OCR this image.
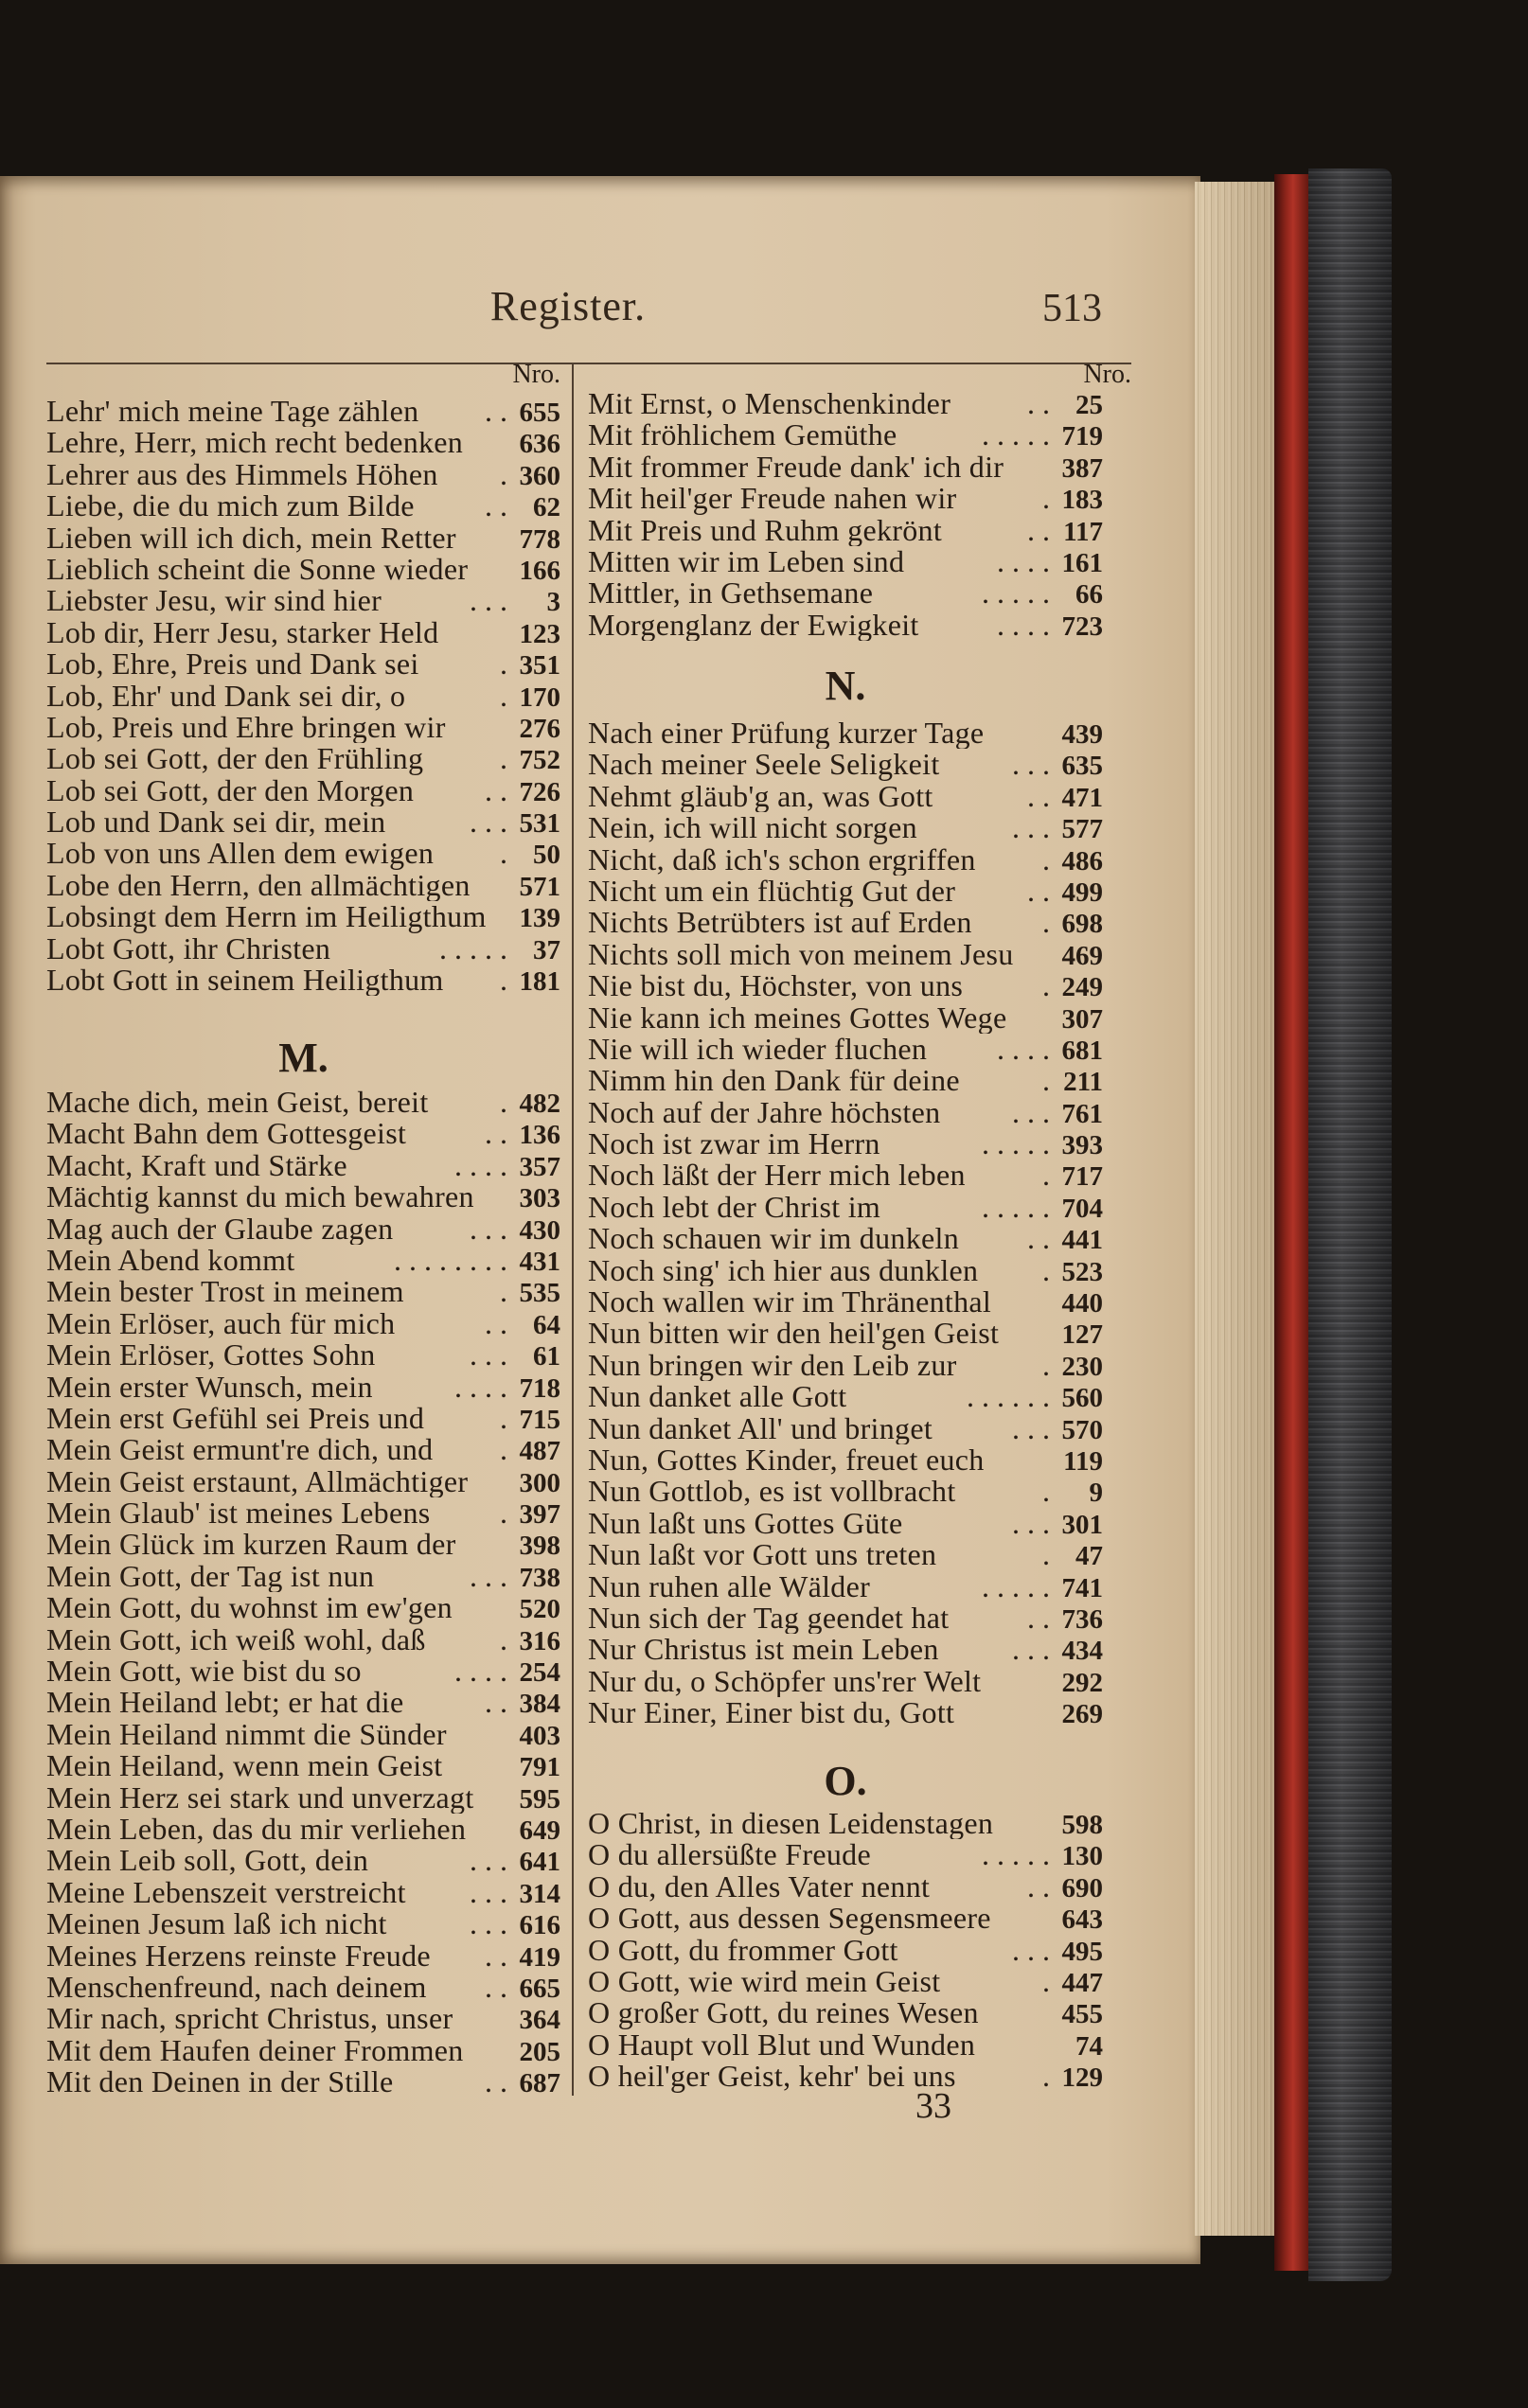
Register.	513
Nro.	Nro.
Lehr' mich meine Tage zählen	. . 655
Lehre, Herr, mich recht bedenken 636
Lehrer aus des Himmels Höhen	. 360
Liebe, die du mich zum Bilde	. . 62
Lieben will ich dich, mein Retter 778
Lieblich scheint die Sonne wieder 166
Liebster Jesu, wir sind hier	. . .	3
Lob dir, Herr Jesu, starker Held	123
Lob, Ehre, Preis und Dank sei	. 351
Lob, Ehr' und Dank sei dir, o	. 170
Lob, Preis und Ehre bringen wir	276
Lob sei Gott, der den Frühling	. 752
Lob sei Gott, der den Morgen	. . 726
Lob und Dank sei dir, mein	. . . 531
Lob von uns Allen dem ewigen	. 50
Lobe den Herrn, den allmächtigen 571
Lobsingt dem Herrn im Heiligthum 139
Lobt Gott, ihr Christen	. . . . . 37
Lobt Gott in seinem Heiligthum	. 181
M.
Mache dich, mein Geist, bereit	. 482
Macht Bahn dem Gottesgeist	. . 136
Macht, Kraft und Stärke	. . . . 357
Mächtig kannst du mich bewahren 303
Mag auch der Glaube zagen	. . . 430
Mein Abend kommt	. . . . . . . . 431
Mein bester Trost in meinem	. 535
Mein Erlöser, auch für mich	. . 64
Mein Erlöser, Gottes Sohn	. . . 61
Mein erster Wunsch, mein	. . . . 718
Mein erst Gefühl sei Preis und	. 715
Mein Geist ermunt're dich, und	. 487
Mein Geist erstaunt, Allmächtiger 300
Mein Glaub' ist meines Lebens	. 397
Mein Glück im kurzen Raum der 398
Mein Gott, der Tag ist nun	. . . 738
Mein Gott, du wohnst im ew'gen 520
Mein Gott, ich weiß wohl, daß	. 316
Mein Gott, wie bist du so	. . . . 254
Mein Heiland lebt; er hat die	. . 384
Mein Heiland nimmt die Sünder	403
Mein Heiland, wenn mein Geist	791
Mein Herz sei stark und unverzagt 595
Mein Leben, das du mir verliehen 649
Mein Leib soll, Gott, dein	. . . 641
Meine Lebenszeit verstreicht	. . . 314
Meinen Jesum laß ich nicht	. . . 616
Meines Herzens reinste Freude	. . 419
Menschenfreund, nach deinem	. . 665
Mir nach, spricht Christus, unser 364
Mit dem Haufen deiner Frommen 205
Mit den Deinen in der Stille	. . 687
Mit Ernst, o Menschenkinder	. . 25
Mit fröhlichem Gemüthe	. . . . . 719
Mit frommer Freude dank' ich dir 387
Mit heil'ger Freude nahen wir	. 183
Mit Preis und Ruhm gekrönt	. . 117
Mitten wir im Leben sind	. . . . 161
Mittler, in Gethsemane	. . . . . 66
Morgenglanz der Ewigkeit	. . . . 723
N.
Nach einer Prüfung kurzer Tage	439
Nach meiner Seele Seligkeit	. . . 635
Nehmt gläub'g an, was Gott	. . 471
Nein, ich will nicht sorgen	. . . 577
Nicht, daß ich's schon ergriffen	. 486
Nicht um ein flüchtig Gut der	. . 499
Nichts Betrübters ist auf Erden	. 698
Nichts soll mich von meinem Jesu 469
Nie bist du, Höchster, von uns	. 249
Nie kann ich meines Gottes Wege 307
Nie will ich wieder fluchen	. . . . 681
Nimm hin den Dank für deine	. 211
Noch auf der Jahre höchsten	. . . 761
Noch ist zwar im Herrn	. . . . . 393
Noch läßt der Herr mich leben	. 717
Noch lebt der Christ im	. . . . . 704
Noch schauen wir im dunkeln	. . 441
Noch sing' ich hier aus dunklen	. 523
Noch wallen wir im Thränenthal	440
Nun bitten wir den heil'gen Geist 127
Nun bringen wir den Leib zur	. 230
Nun danket alle Gott	. . . . . . 560
Nun danket All' und bringet	. . . 570
Nun, Gottes Kinder, freuet euch	119
Nun Gottlob, es ist vollbracht	.	9
Nun laßt uns Gottes Güte	. . . 301
Nun laßt vor Gott uns treten	. 47
Nun ruhen alle Wälder	. . . . . 741
Nun sich der Tag geendet hat	. . 736
Nur Christus ist mein Leben	. . . 434
Nur du, o Schöpfer uns'rer Welt	292
Nur Einer, Einer bist du, Gott	269
O.
O Christ, in diesen Leidenstagen 598
O du allersüßte Freude	. . . . . 130
O du, den Alles Vater nennt	. . 690
O Gott, aus dessen Segensmeere	643
O Gott, du frommer Gott	. . . 495
O Gott, wie wird mein Geist	. 447
O großer Gott, du reines Wesen	455
O Haupt voll Blut und Wunden	74
O heil'ger Geist, kehr' bei uns	. 129
33
